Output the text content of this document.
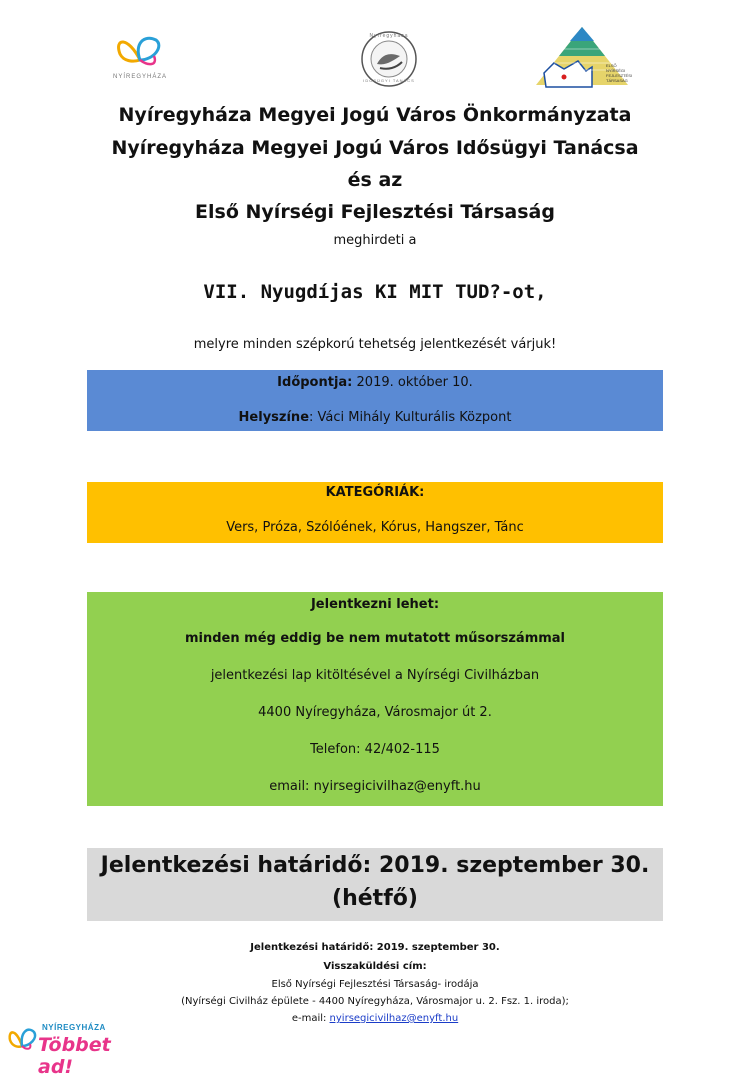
NYÍREGYHÁZA
Nyíregyháza
IDŐSÜGYI TANÁCS
ELSŐ
NYÍRSÉGI
FEJLESZTÉSI TÁRSASÁG
Nyíregyháza Megyei Jogú Város Önkormányzata
Nyíregyháza Megyei Jogú Város Idősügyi Tanácsa
és az
Első Nyírségi Fejlesztési Társaság
meghirdeti a
VII. Nyugdíjas KI MIT TUD?-ot,
melyre minden szépkorú tehetség jelentkezését várjuk!
Időpontja: 2019. október 10.
Helyszíne: Váci Mihály Kulturális Központ
KATEGÓRIÁK:
Vers, Próza, Szólóének, Kórus, Hangszer, Tánc
Jelentkezni lehet:
minden még eddig be nem mutatott műsorszámmal
jelentkezési lap kitöltésével a Nyírségi Civilházban
4400 Nyíregyháza, Városmajor út 2.
Telefon: 42/402-115
email: nyirsegicivilhaz@enyft.hu
Jelentkezési határidő: 2019. szeptember 30.
(hétfő)
Jelentkezési határidő: 2019. szeptember 30.
Visszaküldési cím:
Első Nyírségi Fejlesztési Társaság- irodája
(Nyírségi Civilház épülete - 4400 Nyíregyháza, Városmajor u. 2. Fsz. 1. iroda);
e-mail: nyirsegicivilhaz@enyft.hu
NYÍREGYHÁZA
Többet ad!
